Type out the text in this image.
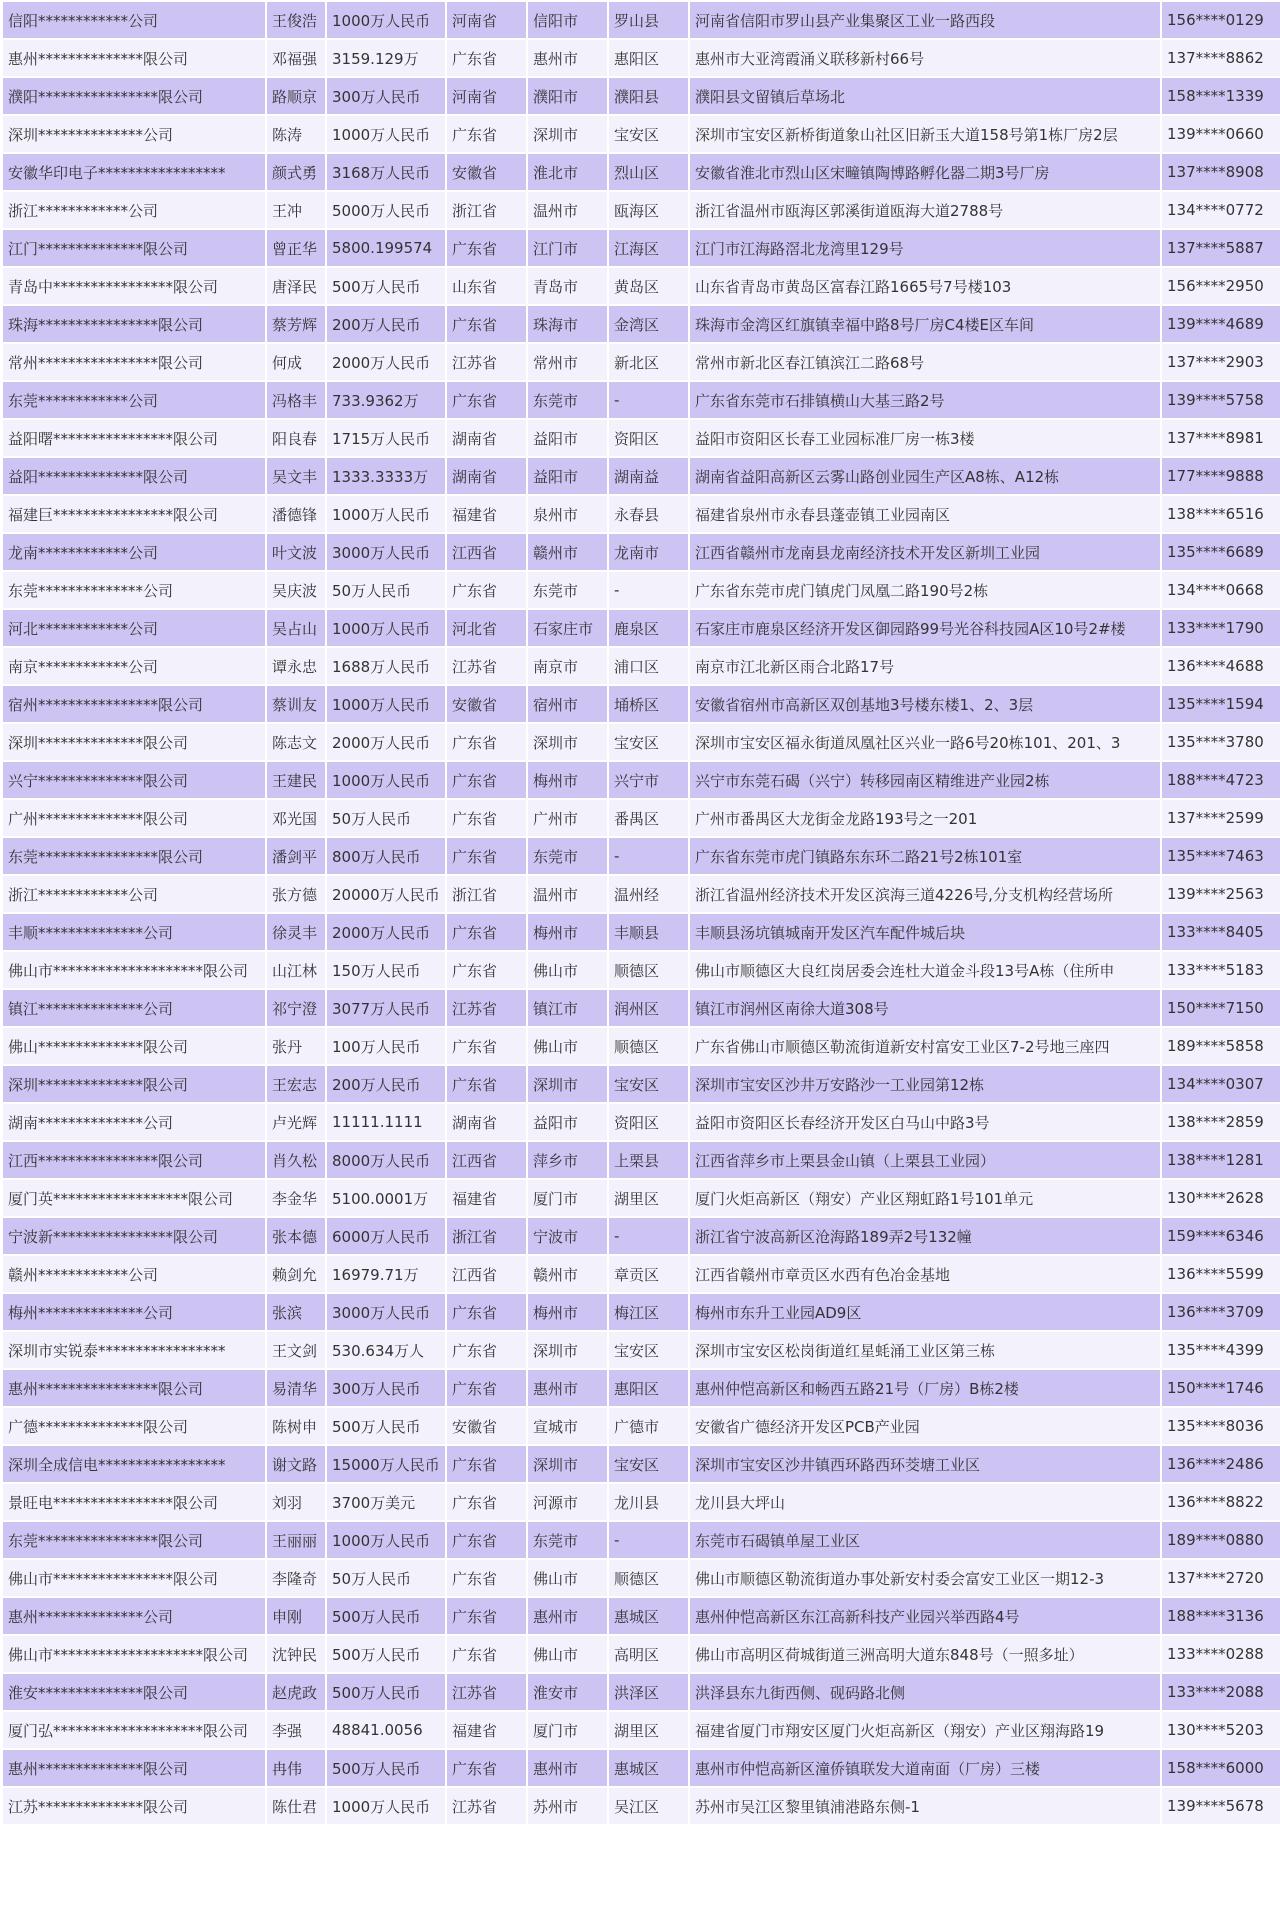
信阳************公司	王俊浩	1000万人民币	河南省	信阳市	罗山县	河南省信阳市罗山县产业集聚区工业一路西段	156****0129
惠州**************限公司	邓福强	3159.129万	广东省	惠州市	惠阳区	惠州市大亚湾霞涌义联移新村66号	137****8862
濮阳****************限公司	路顺京	300万人民币	河南省	濮阳市	濮阳县	濮阳县文留镇后草场北	158****1339
深圳**************公司	陈涛	1000万人民币	广东省	深圳市	宝安区	深圳市宝安区新桥街道象山社区旧新玉大道158号第1栋厂房2层	139****0660
安徽华印电子*****************	颜式勇	3168万人民币	安徽省	淮北市	烈山区	安徽省淮北市烈山区宋疃镇陶博路孵化器二期3号厂房	137****8908
浙江************公司	王冲	5000万人民币	浙江省	温州市	瓯海区	浙江省温州市瓯海区郭溪街道瓯海大道2788号	134****0772
江门**************限公司	曾正华	5800.199574	广东省	江门市	江海区	江门市江海路滘北龙湾里129号	137****5887
青岛中****************限公司	唐泽民	500万人民币	山东省	青岛市	黄岛区	山东省青岛市黄岛区富春江路1665号7号楼103	156****2950
珠海****************限公司	蔡芳辉	200万人民币	广东省	珠海市	金湾区	珠海市金湾区红旗镇幸福中路8号厂房C4楼E区车间	139****4689
常州****************限公司	何成	2000万人民币	江苏省	常州市	新北区	常州市新北区春江镇滨江二路68号	137****2903
东莞************公司	冯格丰	733.9362万	广东省	东莞市	-	广东省东莞市石排镇横山大基三路2号	139****5758
益阳曙****************限公司	阳良春	1715万人民币	湖南省	益阳市	资阳区	益阳市资阳区长春工业园标准厂房一栋3楼	137****8981
益阳**************限公司	吴文丰	1333.3333万	湖南省	益阳市	湖南益	湖南省益阳高新区云雾山路创业园生产区A8栋、A12栋	177****9888
福建巨****************限公司	潘德锋	1000万人民币	福建省	泉州市	永春县	福建省泉州市永春县蓬壶镇工业园南区	138****6516
龙南************公司	叶文波	3000万人民币	江西省	赣州市	龙南市	江西省赣州市龙南县龙南经济技术开发区新圳工业园	135****6689
东莞**************公司	吴庆波	50万人民币	广东省	东莞市	-	广东省东莞市虎门镇虎门凤凰二路190号2栋	134****0668
河北************公司	吴占山	1000万人民币	河北省	石家庄市	鹿泉区	石家庄市鹿泉区经济开发区御园路99号光谷科技园A区10号2#楼	133****1790
南京************公司	谭永忠	1688万人民币	江苏省	南京市	浦口区	南京市江北新区雨合北路17号	136****4688
宿州****************限公司	蔡训友	1000万人民币	安徽省	宿州市	埇桥区	安徽省宿州市高新区双创基地3号楼东楼1、2、3层	135****1594
深圳**************限公司	陈志文	2000万人民币	广东省	深圳市	宝安区	深圳市宝安区福永街道凤凰社区兴业一路6号20栋101、201、3	135****3780
兴宁**************限公司	王建民	1000万人民币	广东省	梅州市	兴宁市	兴宁市东莞石碣（兴宁）转移园南区精维进产业园2栋	188****4723
广州**************限公司	邓光国	50万人民币	广东省	广州市	番禺区	广州市番禺区大龙街金龙路193号之一201	137****2599
东莞****************限公司	潘剑平	800万人民币	广东省	东莞市	-	广东省东莞市虎门镇路东东环二路21号2栋101室	135****7463
浙江************公司	张方德	20000万人民币	浙江省	温州市	温州经	浙江省温州经济技术开发区滨海三道4226号,分支机构经营场所	139****2563
丰顺**************公司	徐灵丰	2000万人民币	广东省	梅州市	丰顺县	丰顺县汤坑镇城南开发区汽车配件城后块	133****8405
佛山市********************限公司	山江林	150万人民币	广东省	佛山市	顺德区	佛山市顺德区大良红岗居委会连杜大道金斗段13号A栋（住所申	133****5183
镇江**************公司	祁宁澄	3077万人民币	江苏省	镇江市	润州区	镇江市润州区南徐大道308号	150****7150
佛山**************限公司	张丹	100万人民币	广东省	佛山市	顺德区	广东省佛山市顺德区勒流街道新安村富安工业区7-2号地三座四	189****5858
深圳**************限公司	王宏志	200万人民币	广东省	深圳市	宝安区	深圳市宝安区沙井万安路沙一工业园第12栋	134****0307
湖南**************公司	卢光辉	11111.1111	湖南省	益阳市	资阳区	益阳市资阳区长春经济开发区白马山中路3号	138****2859
江西****************限公司	肖久松	8000万人民币	江西省	萍乡市	上栗县	江西省萍乡市上栗县金山镇（上栗县工业园）	138****1281
厦门英******************限公司	李金华	5100.0001万	福建省	厦门市	湖里区	厦门火炬高新区（翔安）产业区翔虹路1号101单元	130****2628
宁波新****************限公司	张本德	6000万人民币	浙江省	宁波市	-	浙江省宁波高新区沧海路189弄2号132幢	159****6346
赣州************公司	赖剑允	16979.71万	江西省	赣州市	章贡区	江西省赣州市章贡区水西有色冶金基地	136****5599
梅州**************公司	张滨	3000万人民币	广东省	梅州市	梅江区	梅州市东升工业园AD9区	136****3709
深圳市实锐泰*****************	王文剑	530.634万人	广东省	深圳市	宝安区	深圳市宝安区松岗街道红星蚝涌工业区第三栋	135****4399
惠州****************限公司	易清华	300万人民币	广东省	惠州市	惠阳区	惠州仲恺高新区和畅西五路21号（厂房）B栋2楼	150****1746
广德**************限公司	陈树申	500万人民币	安徽省	宣城市	广德市	安徽省广德经济开发区PCB产业园	135****8036
深圳全成信电*****************	谢文路	15000万人民币	广东省	深圳市	宝安区	深圳市宝安区沙井镇西环路西环茭塘工业区	136****2486
景旺电****************限公司	刘羽	3700万美元	广东省	河源市	龙川县	龙川县大坪山	136****8822
东莞****************限公司	王丽丽	1000万人民币	广东省	东莞市	-	东莞市石碣镇单屋工业区	189****0880
佛山市****************限公司	李隆奇	50万人民币	广东省	佛山市	顺德区	佛山市顺德区勒流街道办事处新安村委会富安工业区一期12-3	137****2720
惠州**************公司	申刚	500万人民币	广东省	惠州市	惠城区	惠州仲恺高新区东江高新科技产业园兴举西路4号	188****3136
佛山市********************限公司	沈钟民	500万人民币	广东省	佛山市	高明区	佛山市高明区荷城街道三洲高明大道东848号（一照多址）	133****0288
淮安**************限公司	赵虎政	500万人民币	江苏省	淮安市	洪泽区	洪泽县东九街西侧、砚码路北侧	133****2088
厦门弘********************限公司	李强	48841.0056	福建省	厦门市	湖里区	福建省厦门市翔安区厦门火炬高新区（翔安）产业区翔海路19	130****5203
惠州**************限公司	冉伟	500万人民币	广东省	惠州市	惠城区	惠州市仲恺高新区潼侨镇联发大道南面（厂房）三楼	158****6000
江苏**************限公司	陈仕君	1000万人民币	江苏省	苏州市	吴江区	苏州市吴江区黎里镇浦港路东侧-1	139****5678
